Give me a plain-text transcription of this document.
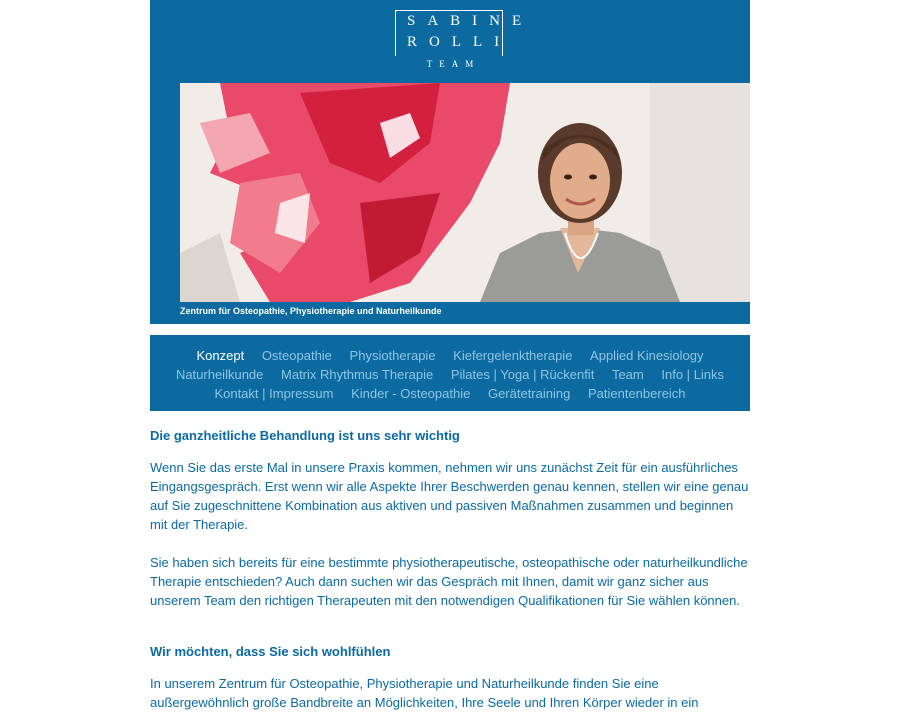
SABINE
ROLLI
TEAM
Zentrum für Osteopathie, Physiotherapie und Naturheilkunde
Konzept Osteopathie Physiotherapie Kiefergelenktherapie Applied Kinesiology
Naturheilkunde Matrix Rhythmus Therapie Pilates | Yoga | Rückenfit Team Info | Links
Kontakt | Impressum Kinder - Osteopathie Gerätetraining Patientenbereich
Die ganzheitliche Behandlung ist uns sehr wichtig

Wenn Sie das erste Mal in unsere Praxis kommen, nehmen wir uns zunächst Zeit für ein ausführliches Eingangsgespräch. Erst wenn wir alle Aspekte Ihrer Beschwerden genau kennen, stellen wir eine genau auf Sie zugeschnittene Kombination aus aktiven und passiven Maßnahmen zusammen und beginnen mit der Therapie.

Sie haben sich bereits für eine bestimmte physiotherapeutische, osteopathische oder naturheilkundliche Therapie entschieden? Auch dann suchen wir das Gespräch mit Ihnen, damit wir ganz sicher aus unserem Team den richtigen Therapeuten mit den notwendigen Qualifikationen für Sie wählen können.

Wir möchten, dass Sie sich wohlfühlen

In unserem Zentrum für Osteopathie, Physiotherapie und Naturheilkunde finden Sie eine außergewöhnlich große Bandbreite an Möglichkeiten, Ihre Seele und Ihren Körper wieder in ein
